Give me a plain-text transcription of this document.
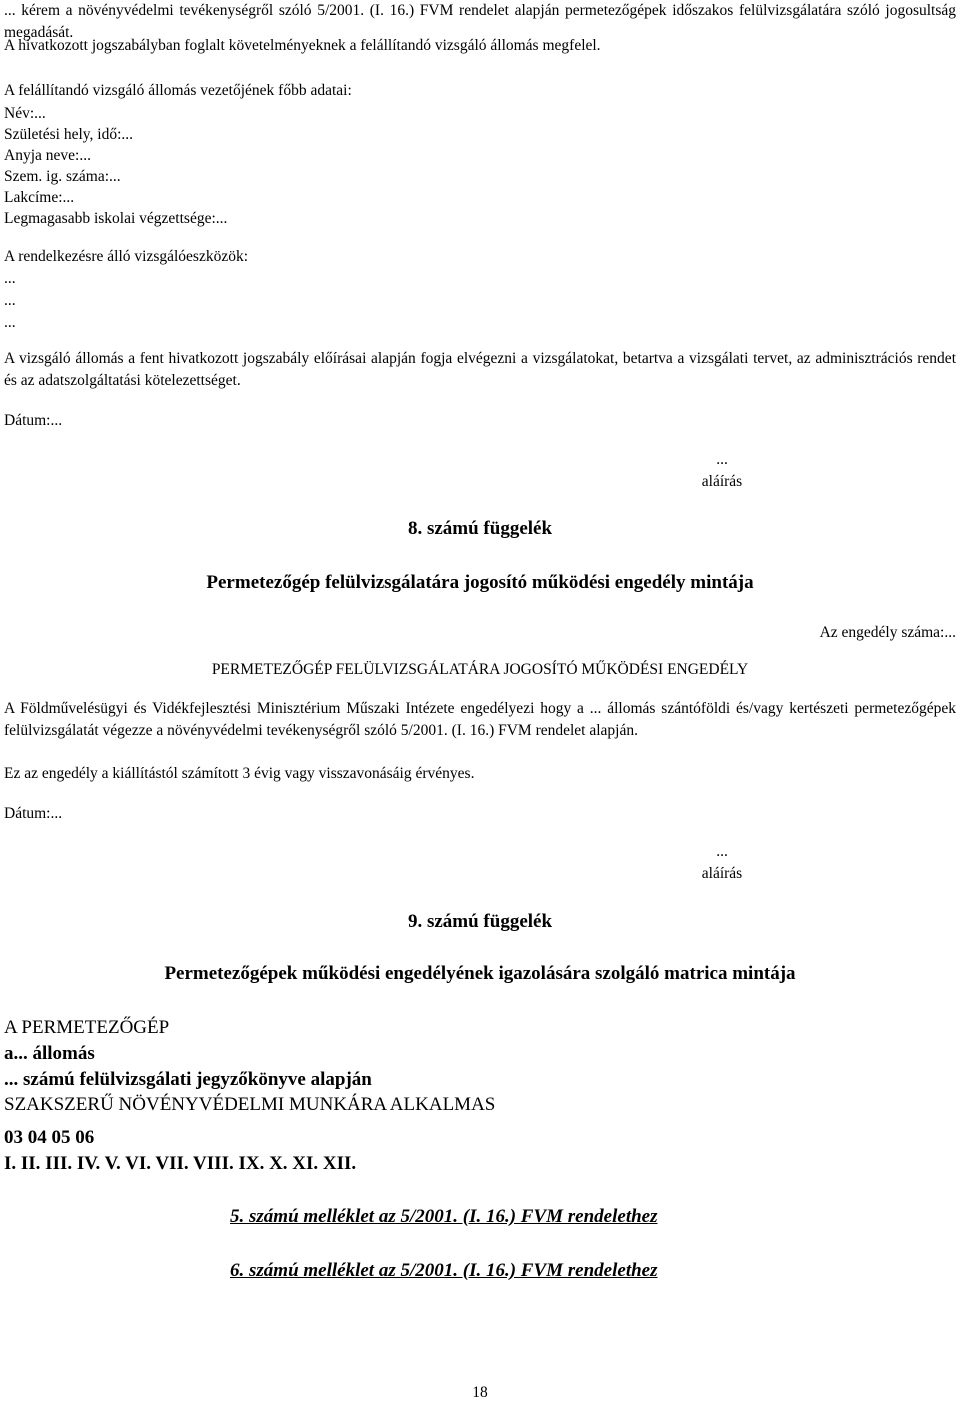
... kérem a növényvédelmi tevékenységről szóló 5/2001. (I. 16.) FVM rendelet alapján permetezőgépek időszakos felülvizsgálatára szóló jogosultság megadását.
A hivatkozott jogszabályban foglalt követelményeknek a felállítandó vizsgáló állomás megfelel.
A felállítandó vizsgáló állomás vezetőjének főbb adatai:
Név:...
Születési hely, idő:...
Anyja neve:...
Szem. ig. száma:...
Lakcíme:...
Legmagasabb iskolai végzettsége:...
A rendelkezésre álló vizsgálóeszközök:
...
...
...
A vizsgáló állomás a fent hivatkozott jogszabály előírásai alapján fogja elvégezni a vizsgálatokat, betartva a vizsgálati tervet, az adminisztrációs rendet és az adatszolgáltatási kötelezettséget.
Dátum:...
...
aláírás
8. számú függelék
Permetezőgép felülvizsgálatára jogosító működési engedély mintája
Az engedély száma:...
PERMETEZŐGÉP FELÜLVIZSGÁLATÁRA JOGOSÍTÓ MŰKÖDÉSI ENGEDÉLY
A Földművelésügyi és Vidékfejlesztési Minisztérium Műszaki Intézete engedélyezi hogy a ... állomás szántóföldi és/vagy kertészeti permetezőgépek felülvizsgálatát végezze a növényvédelmi tevékenységről szóló 5/2001. (I. 16.) FVM rendelet alapján.
Ez az engedély a kiállítástól számított 3 évig vagy visszavonásáig érvényes.
Dátum:...
...
aláírás
9. számú függelék
Permetezőgépek működési engedélyének igazolására szolgáló matrica mintája
A PERMETEZŐGÉP
a... állomás
... számú felülvizsgálati jegyzőkönyve alapján
SZAKSZERŰ NÖVÉNYVÉDELMI MUNKÁRA ALKALMAS
03 04 05 06
I. II. III. IV. V. VI. VII. VIII. IX. X. XI. XII.
5. számú melléklet az 5/2001. (I. 16.) FVM rendelethez
6. számú melléklet az 5/2001. (I. 16.) FVM rendelethez
18
